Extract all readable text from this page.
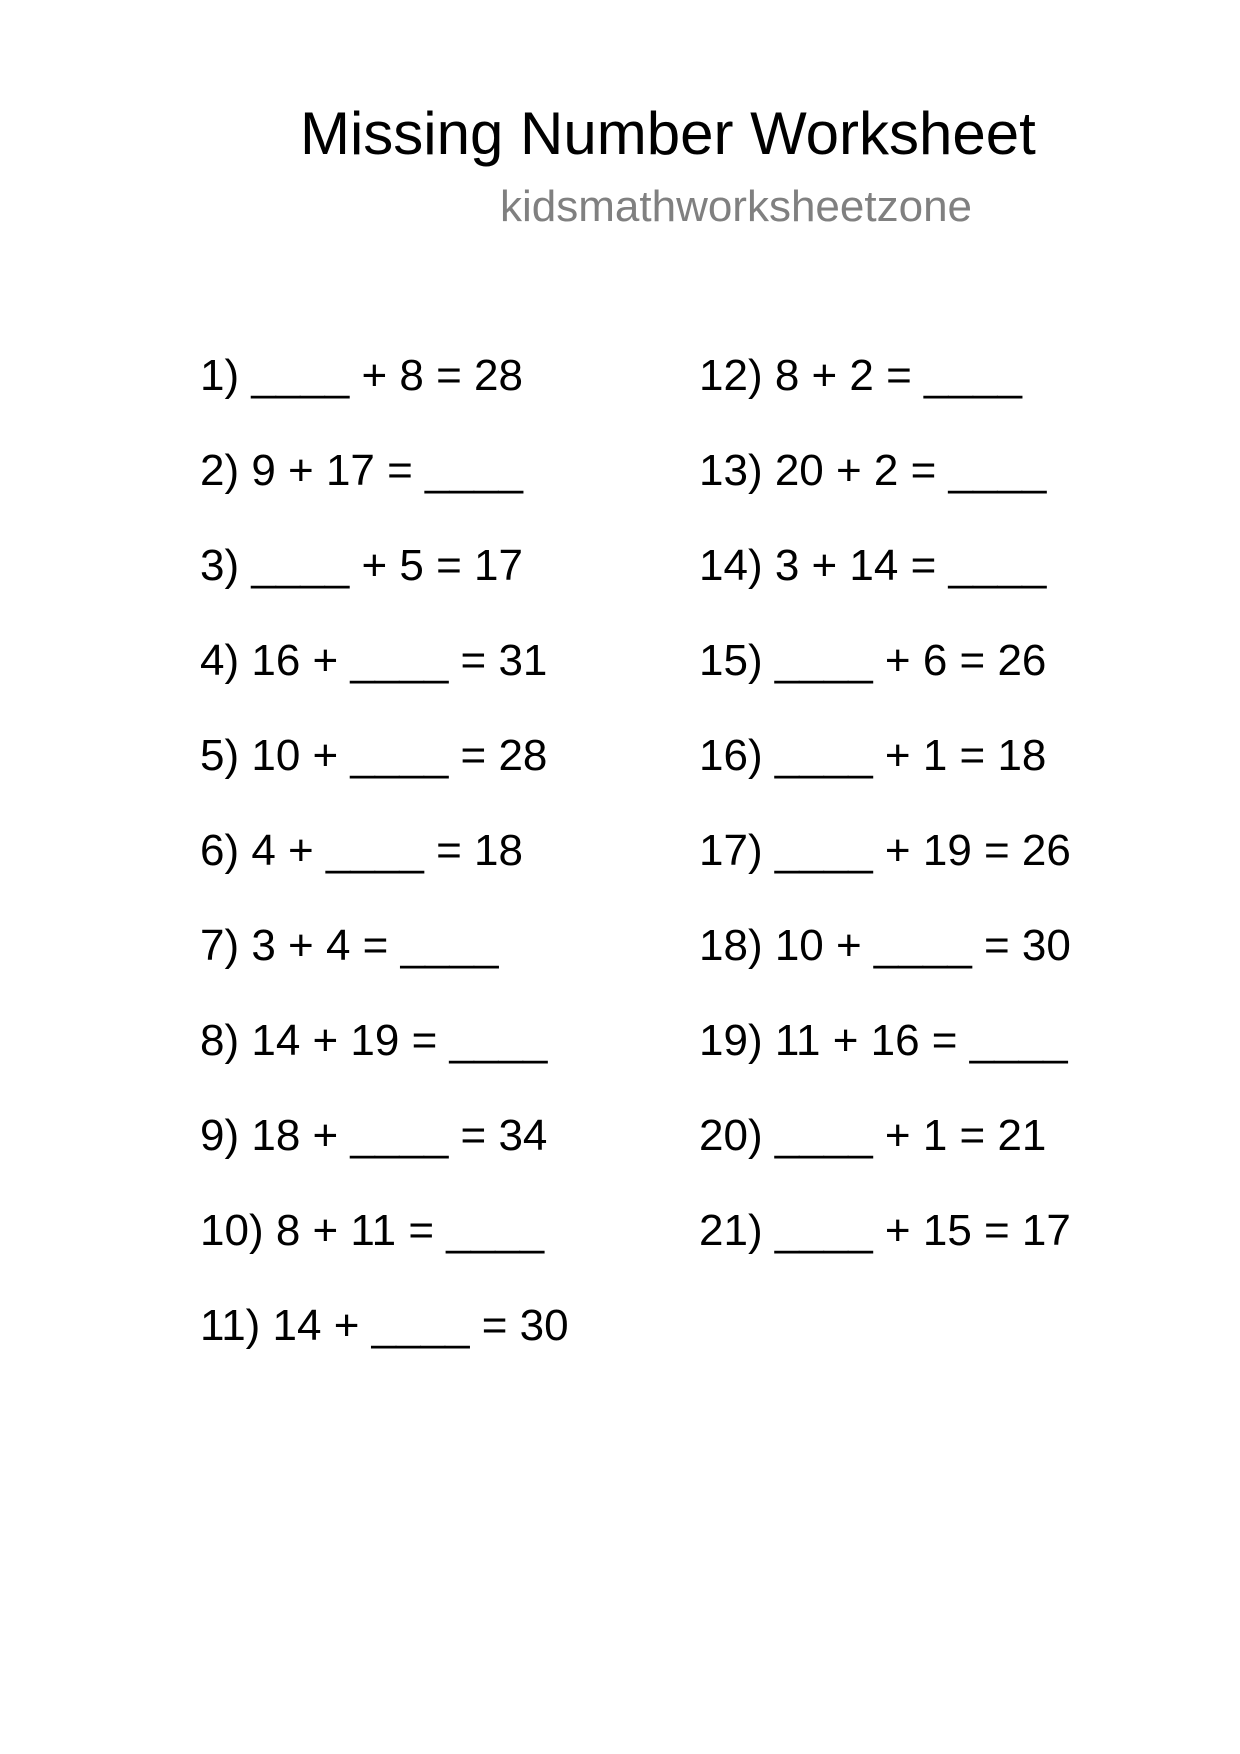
Missing Number Worksheet
kidsmathworksheetzone
1) ____ + 8 = 28
2) 9 + 17 = ____
3) ____ + 5 = 17
4) 16 + ____ = 31
5) 10 + ____ = 28
6) 4 + ____ = 18
7) 3 + 4 = ____
8) 14 + 19 = ____
9) 18 + ____ = 34
10) 8 + 11 = ____
11) 14 + ____ = 30
12) 8 + 2 = ____
13) 20 + 2 = ____
14) 3 + 14 = ____
15) ____ + 6 = 26
16) ____ + 1 = 18
17) ____ + 19 = 26
18) 10 + ____ = 30
19) 11 + 16 = ____
20) ____ + 1 = 21
21) ____ + 15 = 17
